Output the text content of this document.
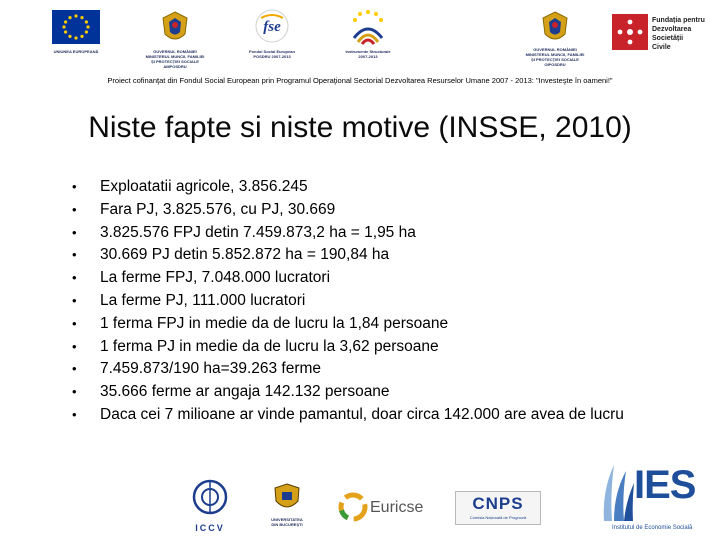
UNIUNEA EUROPEANĂ	GUVERNUL ROMÂNIEI
MINISTERUL MUNCII, FAMILIEI
ȘI PROTECȚIEI SOCIALE
AMPOSDRU
fse
Fondul Social European
POSDRU 2007-2013
Instrumente Structurale
2007-2013
GUVERNUL ROMÂNIEI
MINISTERUL MUNCII, FAMILIEI
ȘI PROTECȚIEI SOCIALE
OIPOSDRU
Fundația pentru
Dezvoltarea
Societății
Civile
Proiect cofinanţat din Fondul Social European prin Programul Operaţional Sectorial Dezvoltarea Resurselor Umane 2007 - 2013: "Investeşte în oameni!"
Niste fapte si niste motive (INSSE, 2010)
• Exploatatii agricole, 3.856.245
• Fara PJ, 3.825.576, cu PJ, 30.669
• 3.825.576 FPJ detin 7.459.873,2 ha = 1,95 ha
• 30.669 PJ detin 5.852.872 ha = 190,84 ha
• La ferme FPJ, 7.048.000 lucratori
• La ferme PJ, 111.000 lucratori
• 1 ferma FPJ in medie da de lucru la 1,84 persoane
• 1 ferma PJ in medie da de lucru la 3,62 persoane
• 7.459.873/190 ha=39.263 ferme
• 35.666 ferme ar angaja 142.132 persoane
• Daca cei 7 milioane ar vinde pamantul, doar circa 142.000 are avea de lucru
ICCV
UNIVERSITATEA
DIN BUCUREȘTI
Euricse	CNPS
Comisia Națională de Prognoză
IES
Institutul de Economie Socială
